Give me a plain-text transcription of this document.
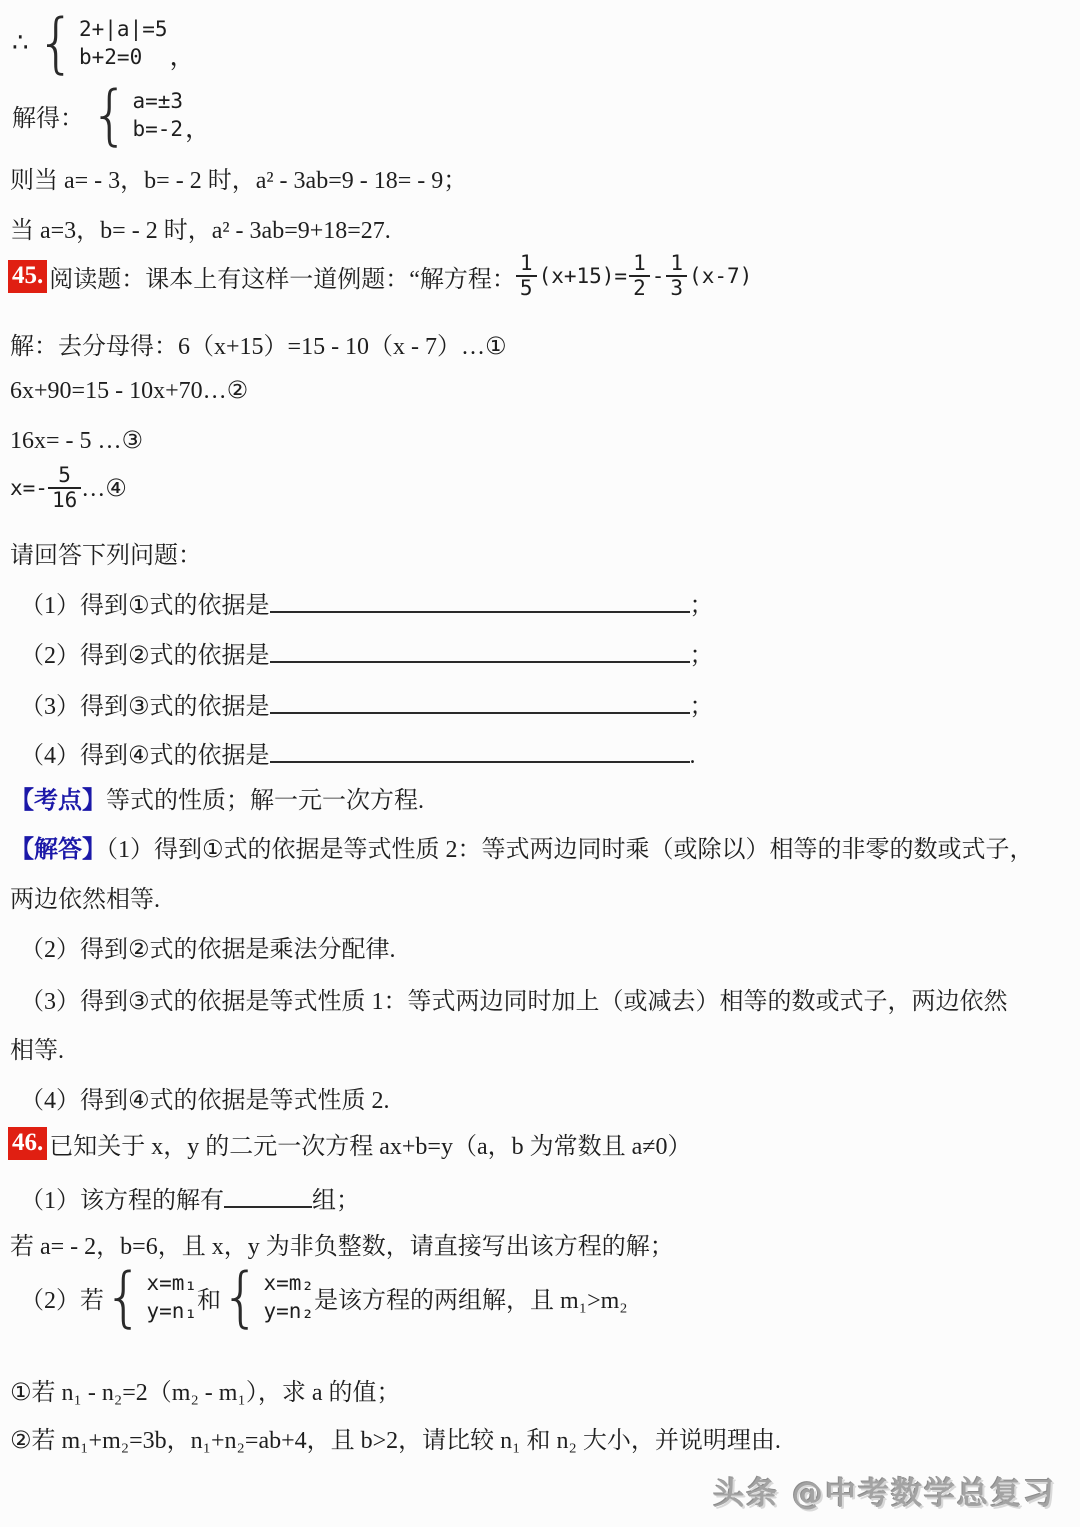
∴ { 2+|a|=5
b+2=0	，
解得： { a=±3
b=-2 ，
则当 a= - 3，b= - 2 时，a² - 3ab=9 - 18= - 9；
当 a=3，b= - 2 时，a² - 3ab=9+18=27.
45. 阅读题：课本上有这样一道例题：“解方程： $\frac{1}{5} (x+15)= \frac{1}{2} - \frac{1}{3} (x-7)$
解：去分母得：6（x+15）=15 - 10（x - 7）…①
6x+90=15 - 10x+70…②
16x= - 5 …③
$x=- \frac{5}{16}$ …④
请回答下列问题：
（1）得到①式的依据是	；
（2）得到②式的依据是	；
（3）得到③式的依据是	；
（4）得到④式的依据是	.
【考点】等式的性质；解一元一次方程.
【解答】（1）得到①式的依据是等式性质 2：等式两边同时乘（或除以）相等的非零的数或式子，
两边依然相等.
（2）得到②式的依据是乘法分配律.
（3）得到③式的依据是等式性质 1：等式两边同时加上（或减去）相等的数或式子，两边依然
相等.
（4）得到④式的依据是等式性质 2.
46. 已知关于 x，y 的二元一次方程 ax+b=y（a，b 为常数且 a≠0）
（1）该方程的解有	组；
若 a= - 2，b=6，且 x，y 为非负整数，请直接写出该方程的解；
（2）若 { x=m₁
y=n₁ 和 { x=m₂
y=n₂ 是该方程的两组解，且 m₁>m₂
①若 n₁ - n₂=2（m₂ - m₁），求 a 的值；
②若 m₁+m₂=3b，n₁+n₂=ab+4，且 b>2，请比较 n₁ 和 n₂ 大小，并说明理由.
头条 @中考数学总复习
